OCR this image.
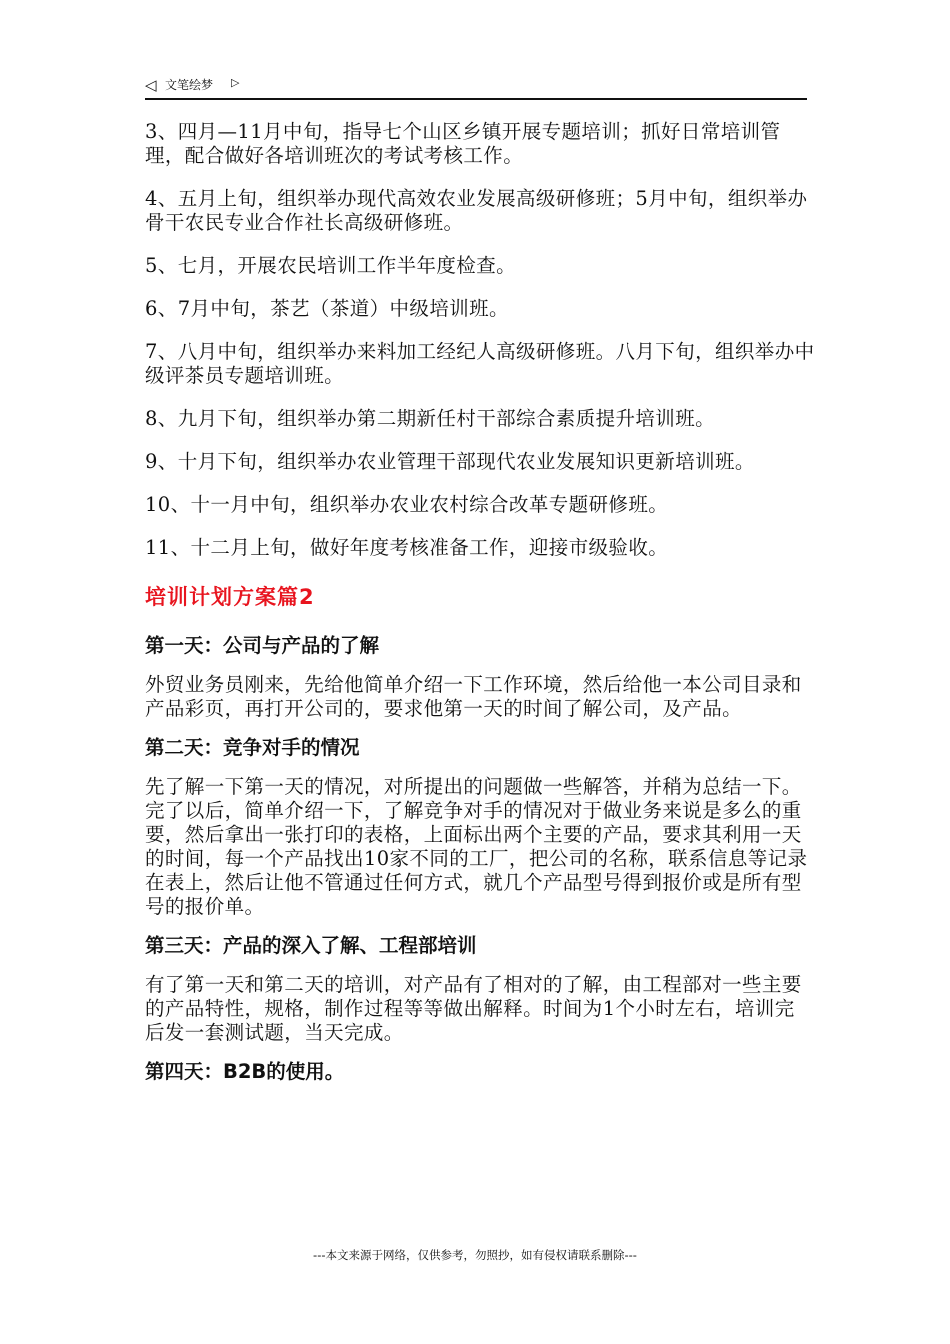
◁ 文笔绘梦 ▷

3、四月—11月中旬，指导七个山区乡镇开展专题培训；抓好日常培训管理，配合做好各培训班次的考试考核工作。

4、五月上旬，组织举办现代高效农业发展高级研修班；5月中旬，组织举办骨干农民专业合作社长高级研修班。

5、七月，开展农民培训工作半年度检查。

6、7月中旬，茶艺（茶道）中级培训班。

7、八月中旬，组织举办来料加工经纪人高级研修班。八月下旬，组织举办中级评茶员专题培训班。

8、九月下旬，组织举办第二期新任村干部综合素质提升培训班。

9、十月下旬，组织举办农业管理干部现代农业发展知识更新培训班。

10、十一月中旬，组织举办农业农村综合改革专题研修班。

11、十二月上旬，做好年度考核准备工作，迎接市级验收。

培训计划方案篇2
第一天：公司与产品的了解

外贸业务员刚来，先给他简单介绍一下工作环境，然后给他一本公司目录和产品彩页，再打开公司的，要求他第一天的时间了解公司，及产品。

第二天：竞争对手的情况

先了解一下第一天的情况，对所提出的问题做一些解答，并稍为总结一下。完了以后，简单介绍一下，了解竞争对手的情况对于做业务来说是多么的重要，然后拿出一张打印的表格，上面标出两个主要的产品，要求其利用一天的时间，每一个产品找出10家不同的工厂，把公司的名称，联系信息等记录在表上，然后让他不管通过任何方式，就几个产品型号得到报价或是所有型号的报价单。

第三天：产品的深入了解、工程部培训

有了第一天和第二天的培训，对产品有了相对的了解，由工程部对一些主要的产品特性，规格，制作过程等等做出解释。时间为1个小时左右，培训完后发一套测试题，当天完成。

第四天：B2B的使用。
---本文来源于网络，仅供参考，勿照抄，如有侵权请联系删除---
